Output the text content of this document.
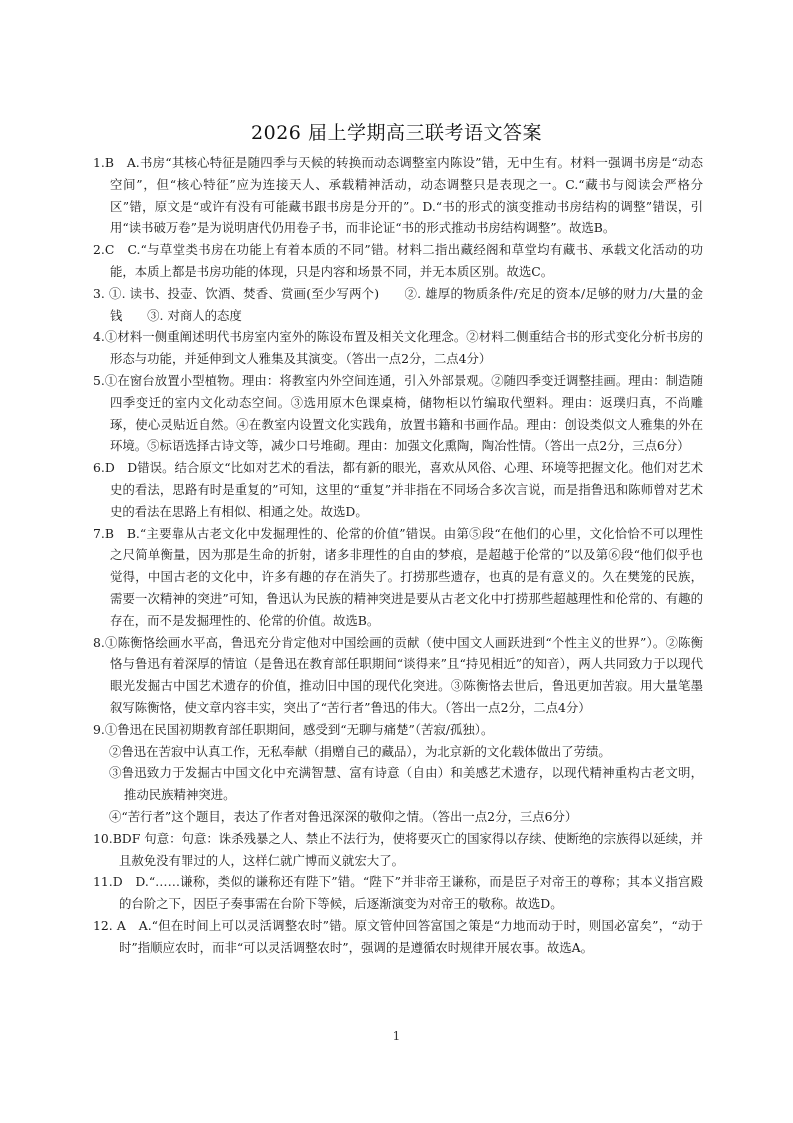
2026 届上学期高三联考语文答案

1.B　A.书房“其核心特征是随四季与天候的转换而动态调整室内陈设”错，无中生有。材料一强调书房是“动态空间”，但“核心特征”应为连接天人、承载精神活动，动态调整只是表现之一。C.“藏书与阅读会严格分区”错，原文是“或许有没有可能藏书跟书房是分开的”。D.“书的形式的演变推动书房结构的调整”错误，引用“读书破万卷”是为说明唐代仍用卷子书，而非论证“书的形式推动书房结构调整”。故选B。

2.C　C.“与草堂类书房在功能上有着本质的不同”错。材料二指出藏经阁和草堂均有藏书、承载文化活动的功能，本质上都是书房功能的体现，只是内容和场景不同，并无本质区别。故选C。

3. ①. 读书、投壶、饮酒、焚香、赏画(至少写两个)　　②. 雄厚的物质条件/充足的资本/足够的财力/大量的金钱　　③. 对商人的态度

4.①材料一侧重阐述明代书房室内室外的陈设布置及相关文化理念。②材料二侧重结合书的形式变化分析书房的形态与功能，并延伸到文人雅集及其演变。（答出一点2分，二点4分）

5.①在窗台放置小型植物。理由：将教室内外空间连通，引入外部景观。②随四季变迁调整挂画。理由：制造随四季变迁的室内文化动态空间。③选用原木色课桌椅，储物柜以竹编取代塑料。理由：返璞归真，不尚雕琢，使心灵贴近自然。④在教室内设置文化实践角，放置书籍和书画作品。理由：创设类似文人雅集的外在环境。⑤标语选择古诗文等，减少口号堆砌。理由：加强文化熏陶，陶冶性情。（答出一点2分，三点6分）

6.D　D错误。结合原文“比如对艺术的看法，都有新的眼光，喜欢从风俗、心理、环境等把握文化。他们对艺术史的看法，思路有时是重复的”可知，这里的“重复”并非指在不同场合多次言说，而是指鲁迅和陈师曾对艺术史的看法在思路上有相似、相通之处。故选D。

7.B　B.“主要靠从古老文化中发掘理性的、伦常的价值”错误。由第⑤段“在他们的心里，文化恰恰不可以理性之尺简单衡量，因为那是生命的折射，诸多非理性的自由的梦痕，是超越于伦常的”以及第⑥段“他们似乎也觉得，中国古老的文化中，许多有趣的存在消失了。打捞那些遗存，也真的是有意义的。久在樊笼的民族，需要一次精神的突进”可知，鲁迅认为民族的精神突进是要从古老文化中打捞那些超越理性和伦常的、有趣的存在，而不是发掘理性的、伦常的价值。故选B。

8.①陈衡恪绘画水平高，鲁迅充分肯定他对中国绘画的贡献（使中国文人画跃进到“个性主义的世界”）。②陈衡恪与鲁迅有着深厚的情谊（是鲁迅在教育部任职期间“谈得来”且“持见相近”的知音），两人共同致力于以现代眼光发掘古中国艺术遗存的价值，推动旧中国的现代化突进。③陈衡恪去世后，鲁迅更加苦寂。用大量笔墨叙写陈衡恪，使文章内容丰实，突出了“苦行者”鲁迅的伟大。（答出一点2分，二点4分）

9.①鲁迅在民国初期教育部任职期间，感受到“无聊与痛楚”（苦寂/孤独）。

②鲁迅在苦寂中认真工作，无私奉献（捐赠自己的藏品），为北京新的文化载体做出了劳绩。

③鲁迅致力于发掘古中国文化中充满智慧、富有诗意（自由）和美感艺术遗存，以现代精神重构古老文明，推动民族精神突进。

④“苦行者”这个题目，表达了作者对鲁迅深深的敬仰之情。（答出一点2分，三点6分）

10.BDF 句意：句意：诛杀残暴之人、禁止不法行为，使将要灭亡的国家得以存续、使断绝的宗族得以延续，并且赦免没有罪过的人，这样仁就广博而义就宏大了。

11.D　D.“……谦称，类似的谦称还有陛下”错。“陛下”并非帝王谦称，而是臣子对帝王的尊称；其本义指宫殿的台阶之下，因臣子奏事需在台阶下等候，后逐渐演变为对帝王的敬称。故选D。

12. A　A.“但在时间上可以灵活调整农时”错。原文管仲回答富国之策是“力地而动于时，则国必富矣”，“动于时”指顺应农时，而非“可以灵活调整农时”，强调的是遵循农时规律开展农事。故选A。

1
